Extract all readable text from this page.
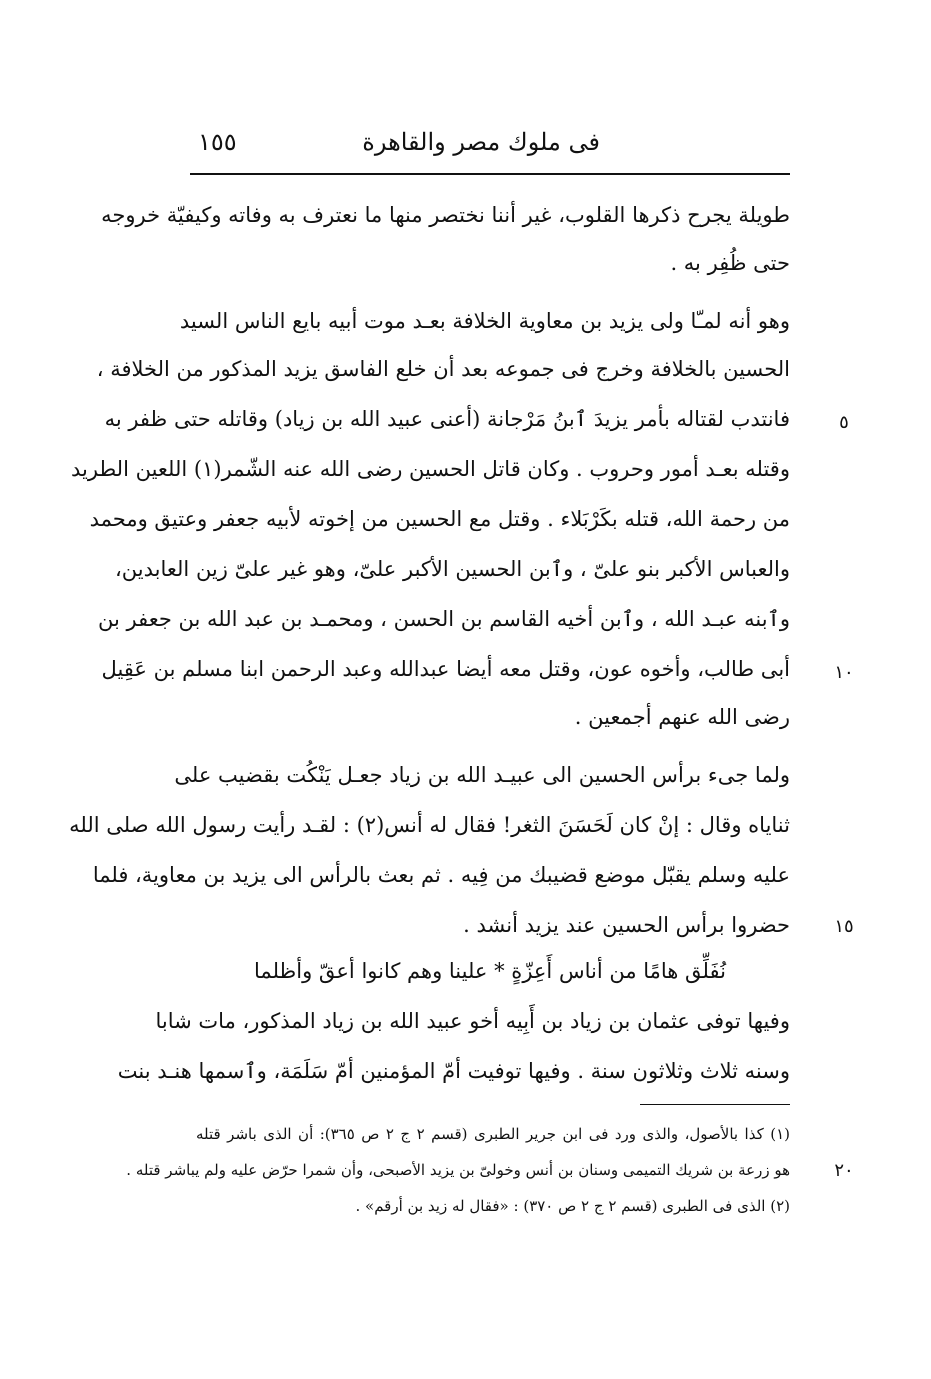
فى ملوك مصر والقاهرة
١٥٥
طويلة يجرح ذكرها القلوب، غير أننا نختصر منها ما نعترف به وفاته وكيفيّة خروجه
حتى ظُفِر به .
وهو أنه لمـّا ولى يزيد بن معاوية الخلافة بعـد موت أبيه بايع الناس السيد
الحسين بالخلافة وخرج فى جموعه بعد أن خلع الفاسق يزيد المذكور من الخلافة ،
فانتدب لقتاله بأمر يزيدَ ٱبنُ مَرْجانة (أعنى عبيد الله بن زياد) وقاتله حتى ظفر به
وقتله بعـد أمور وحروب . وكان قاتل الحسين رضى الله عنه الشّمر(١) اللعين الطريد
من رحمة الله، قتله بكَرْبَلاء . وقتل مع الحسين من إخوته لأبيه جعفر وعتيق ومحمد
والعباس الأكبر بنو علىّ ، وٱبن الحسين الأكبر علىّ، وهو غير علىّ زين العابدين،
وٱبنه عبـد الله ، وٱبن أخيه القاسم بن الحسن ، ومحمـد بن عبد الله بن جعفر بن
أبى طالب، وأخوه عون، وقتل معه أيضا عبدالله وعبد الرحمن ابنا مسلم بن عَقِيل
رضى الله عنهم أجمعين .
ولما جىء برأس الحسين الى عبيـد الله بن زياد جعـل يَنْكُت بقضيب على
ثناياه وقال : إنْ كان لَحَسَنَ الثغر! فقال له أنس(٢) : لقـد رأيت رسول الله صلى الله
عليه وسلم يقبّل موضع قضيبك من فِيه . ثم بعث بالرأس الى يزيد بن معاوية، فلما
حضروا برأس الحسين عند يزيد أنشد .
نُفَلِّق هامًا من أناس أَعِزّةٍ * علينا وهم كانوا أعقّ وأظلما
وفيها توفى عثمان بن زياد بن أَبِيه أخو عبيد الله بن زياد المذكور، مات شابا
وسنه ثلاث وثلاثون سنة . وفيها توفيت أمّ المؤمنين أمّ سَلَمَة، وٱسمها هنـد بنت
٥
١٠
١٥
٢٠
(١) كذا بالأصول، والذى ورد فى ابن جرير الطبرى (قسم ٢ ج ٢ ص ٣٦٥): أن الذى باشر قتله
هو زرعة بن شريك التميمى وسنان بن أنس وخولىّ بن يزيد الأصبحى، وأن شمرا حرّض عليه ولم يباشر قتله .
(٢) الذى فى الطبرى (قسم ٢ ج ٢ ص ٣٧٠) : «فقال له زيد بن أرقم» .
